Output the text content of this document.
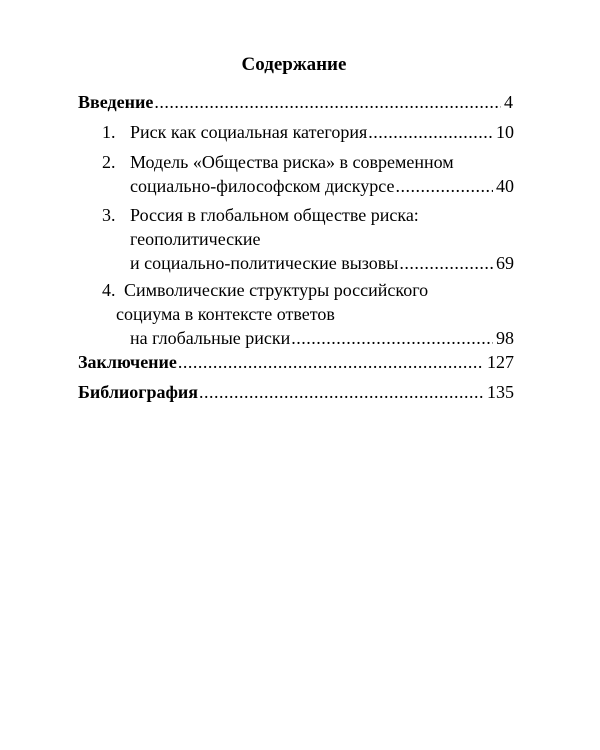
Содержание
Введение .....	4
1. Риск как социальная категория .....	10
2. Модель «Общества риска» в современном
социально-философском дискурсе .....	40
3. Россия в глобальном обществе риска:
геополитические
и социально-политические вызовы .....	69
4. Символические структуры российского
социума в контексте ответов
на глобальные риски .....	98
Заключение .....	127
Библиография .....	135
